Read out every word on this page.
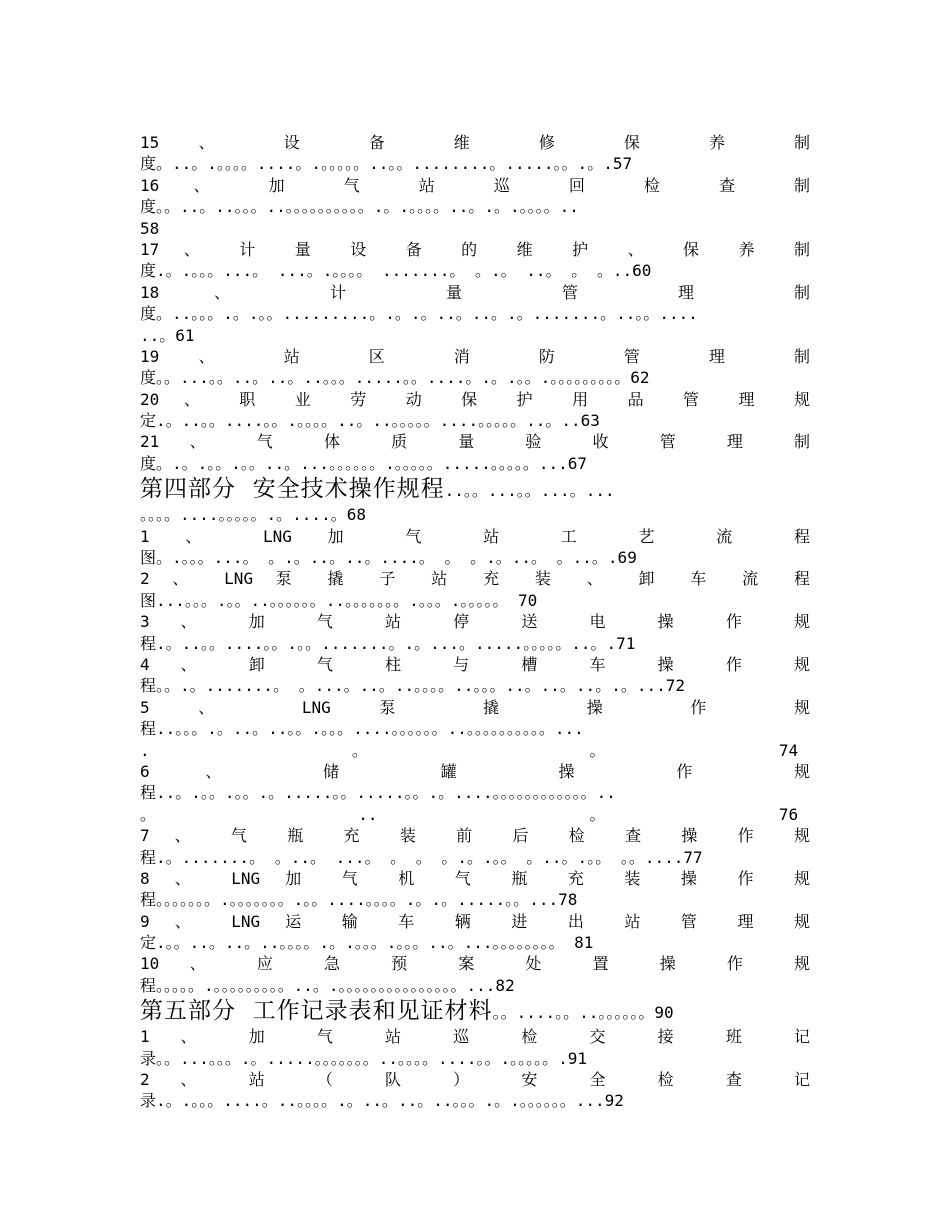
15 、 设 备 维 修 保 养 制
度。..。.。。。。....。.。。。。。..。。........。.....。。.。.57
16 、 加 气 站 巡 回 检 查 制
度。。..。..。。。..。。。。。。。。。。.。.。。。。..。.。.。。。。..
58
17 、 计 量 设 备 的 维 护 、 保 养 制
度.。.。。。...。 ...。.。。。。 .......。 。.。 ..。 。 。..60
18 、 计 量 管 理 制
度。..。。。.。.。。.........。.。.。..。..。.。.......。..。。....
..。61
19 、 站 区 消 防 管 理 制
度。。...。。..。..。..。。。.....。。....。.。.。。.。。。。。。。。。62
20 、 职 业 劳 动 保 护 用 品 管 理 规
定.。..。。....。。.。。。。..。..。。。。。....。。。。。..。..63
21 、 气 体 质 量 验 收 管 理 制
度。.。.。。.。。..。...。。。。。。.。。。。。.....。。。。。...67
第四部分  安全技术操作规程..。。...。。...。...
。。。。....。。。。。.。....。68
1 、 LNG 加 气 站 工 艺 流 程
图。.。。。...。 。.。..。..。....。 。 。.。..。 。..。.69
2 、 LNG 泵 撬 子 站 充 装 、 卸 车 流 程
图...。。。.。。..。。。。。。..。。。。。。。.。。。.。。。。。 70
3 、 加 气 站 停 送 电 操 作 规
程.。..。。....。。.。。.......。.。...。.....。。。。。..。.71
4 、 卸 气 柱 与 槽 车 操 作 规
程。。.。.......。 。...。..。..。。。。..。。。..。..。..。.。...72
5 、 LNG 泵 撬 操 作 规
程..。。。.。..。..。。.。。。....。。。。。。..。。。。。。。。。。...
.                     。                       。                  74
6 、 储 罐 操 作 规
程..。.。。.。。.。.....。。.....。。.。....。。。。。。。。。。。。..
。                     ..                      。                  76
7 、 气 瓶 充 装 前 后 检 查 操 作 规
程.。.......。 。..。 ...。 。 。 。.。.。。 。..。.。。 。。....77
8 、 LNG 加 气 机 气 瓶 充 装 操 作 规
程。。。。。。。.。。。。。。。.。。....。。。。.。.。.....。。...78
9 、 LNG 运 输 车 辆 进 出 站 管 理 规
定.。。..。..。..。。。。.。.。。。.。。。..。...。。。。。。。。 81
10 、 应 急 预 案 处 置 操 作 规
程。。。。。.。。。。。。。。。..。.。。。。。。。。。。。。。。。...82
第五部分  工作记录表和见证材料。。....。。..。。。。。。90
1 、 加 气 站 巡 检 交 接 班 记
录。。...。。。.。.....。。。。。。。..。。。。....。。.。。。。。.91
2 、 站 （ 队 ） 安 全 检 查 记
录.。.。。。....。..。。。。.。..。..。..。。。.。.。。。。。。...92
